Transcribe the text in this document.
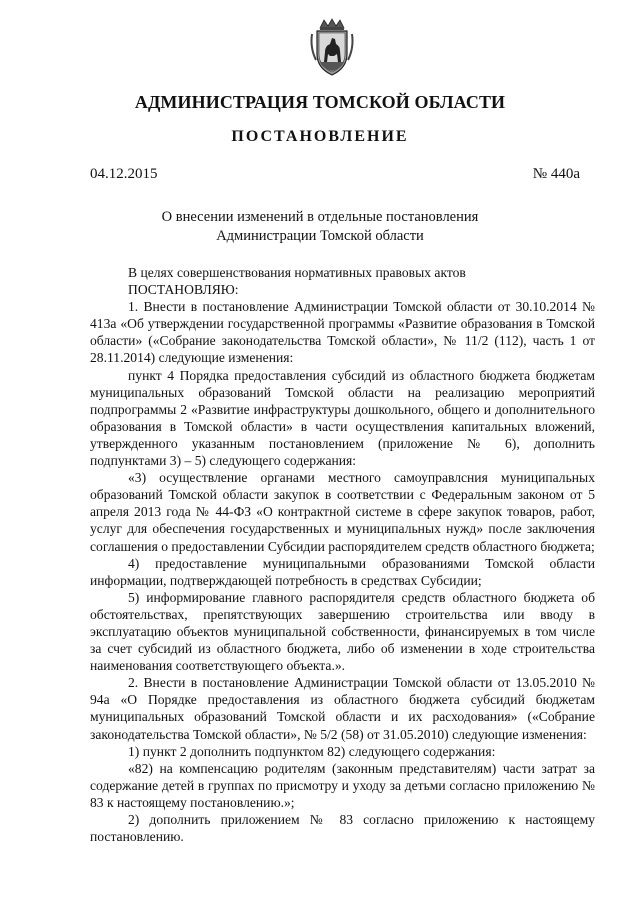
АДМИНИСТРАЦИЯ ТОМСКОЙ ОБЛАСТИ
ПОСТАНОВЛЕНИЕ
04.12.2015	№ 440а
О внесении изменений в отдельные постановления
Администрации Томской области

В целях совершенствования нормативных правовых актов

ПОСТАНОВЛЯЮ:

1. Внести в постановление Администрации Томской области от 30.10.2014 № 413а «Об утверждении государственной программы «Развитие образования в Томской области» («Собрание законодательства Томской области», № 11/2 (112), часть 1 от 28.11.2014) следующие изменения:

пункт 4 Порядка предоставления субсидий из областного бюджета бюджетам муниципальных образований Томской области на реализацию мероприятий подпрограммы 2 «Развитие инфраструктуры дошкольного, общего и дополнительного образования в Томской области» в части осуществления капитальных вложений, утвержденного указанным постановлением (приложение № 6), дополнить подпунктами 3) – 5) следующего содержания:

«3) осуществление органами местного самоуправлсния муниципальных образований Томской области закупок в соответствии с Федеральным законом от 5 апреля 2013 года № 44-ФЗ «О контрактной системе в сфере закупок товаров, работ, услуг для обеспечения государственных и муниципальных нужд» после заключения соглашения о предоставлении Субсидии распорядителем средств областного бюджета;

4) предоставление муниципальными образованиями Томской области информации, подтверждающей потребность в средствах Субсидии;

5) информирование главного распорядителя средств областного бюджета об обстоятельствах, препятствующих завершению строительства или вводу в эксплуатацию объектов муниципальной собственности, финансируемых в том числе за счет субсидий из областного бюджета, либо об изменении в ходе строительства наименования соответствующего объекта.».

2. Внести в постановление Администрации Томской области от 13.05.2010 № 94а «О Порядке предоставления из областного бюджета субсидий бюджетам муниципальных образований Томской области и их расходования» («Собрание законодательства Томской области», № 5/2 (58) от 31.05.2010) следующие изменения:

1) пункт 2 дополнить подпунктом 82) следующего содержания:

«82) на компенсацию родителям (законным представителям) части затрат за содержание детей в группах по присмотру и уходу за детьми согласно приложению № 83 к настоящему постановлению.»;

2) дополнить приложением № 83 согласно приложению к настоящему постановлению.
